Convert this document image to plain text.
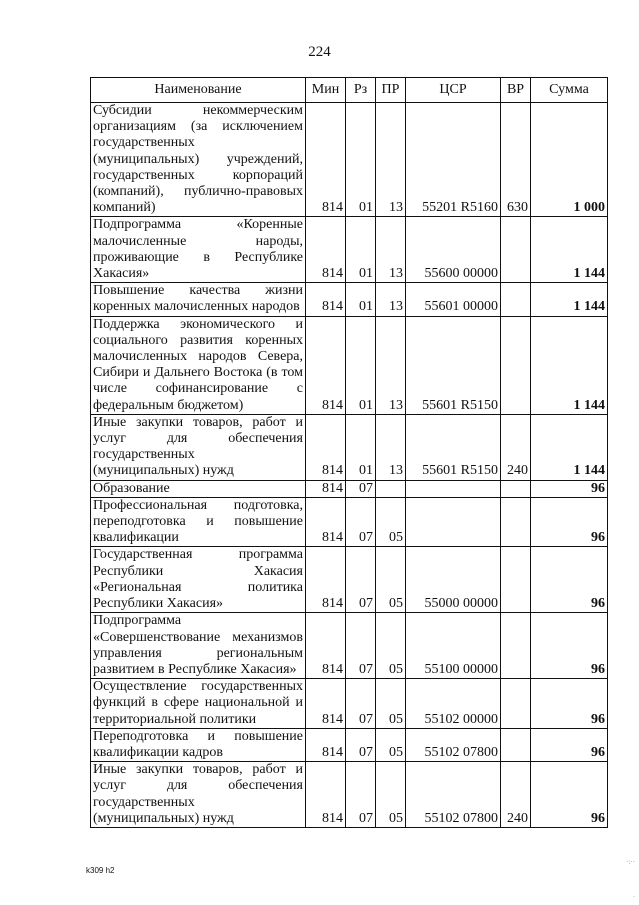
224
Наименование	Мин	Рз	ПР	ЦСР	ВР	Сумма
Субсидии некоммерческим организациям (за исключением государственных (муниципальных) учреждений, государственных корпораций (компаний), публично-правовых компаний)	814	01	13	55201 R5160	630	1 000
Подпрограмма «Коренные малочисленные народы, проживающие в Республике Хакасия»	814	01	13	55600 00000		1 144
Повышение качества жизни коренных малочисленных народов	814	01	13	55601 00000		1 144
Поддержка экономического и социального развития коренных малочисленных народов Севера, Сибири и Дальнего Востока (в том числе софинансирование с федеральным бюджетом)	814	01	13	55601 R5150		1 144
Иные закупки товаров, работ и услуг для обеспечения государственных (муниципальных) нужд	814	01	13	55601 R5150	240	1 144
Образование	814	07				96
Профессиональная подготовка, переподготовка и повышение квалификации	814	07	05			96
Государственная программа Республики Хакасия «Региональная политика Республики Хакасия»	814	07	05	55000 00000		96
Подпрограмма «Совершенствование механизмов управления региональным развитием в Республике Хакасия»	814	07	05	55100 00000		96
Осуществление государственных функций в сфере национальной и территориальной политики	814	07	05	55102 00000		96
Переподготовка и повышение квалификации кадров	814	07	05	55102 07800		96
Иные закупки товаров, работ и услуг для обеспечения государственных (муниципальных) нужд	814	07	05	55102 07800	240	96
k309 h2
·:··
·
